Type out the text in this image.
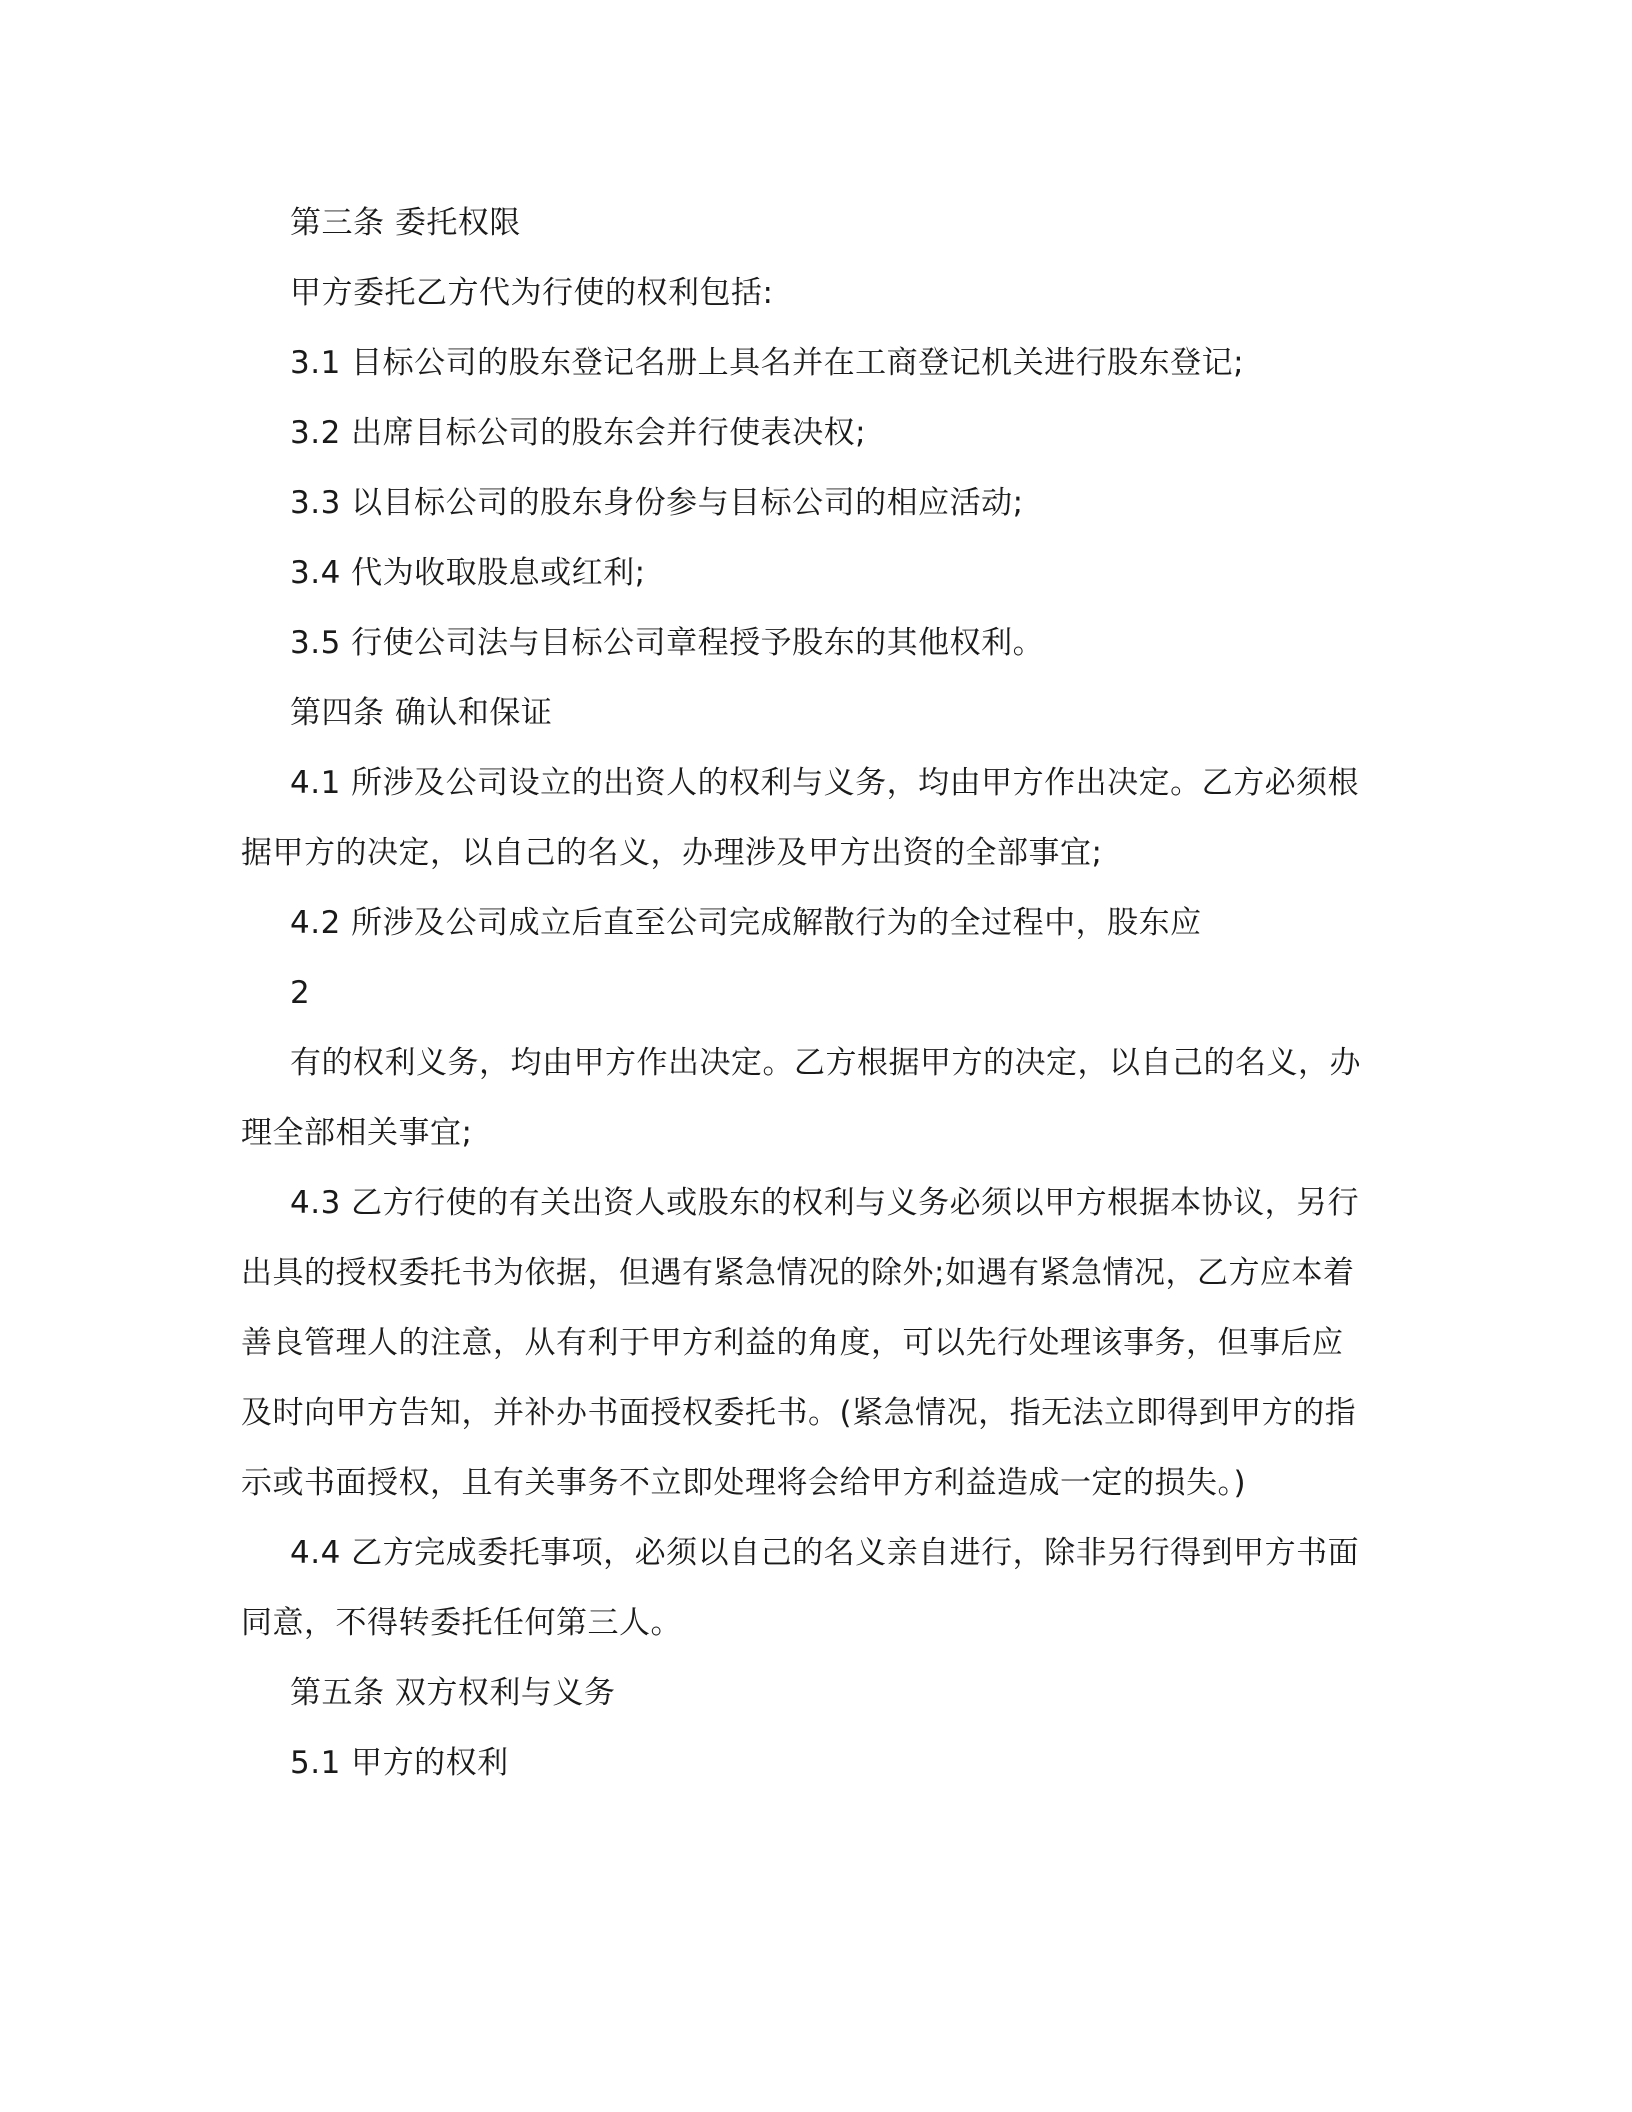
第三条 委托权限
甲方委托乙方代为行使的权利包括:
3.1 目标公司的股东登记名册上具名并在工商登记机关进行股东登记;
3.2 出席目标公司的股东会并行使表决权;
3.3 以目标公司的股东身份参与目标公司的相应活动;
3.4 代为收取股息或红利;
3.5 行使公司法与目标公司章程授予股东的其他权利。
第四条 确认和保证
4.1 所涉及公司设立的出资人的权利与义务，均由甲方作出决定。乙方必须根
据甲方的决定，以自己的名义，办理涉及甲方出资的全部事宜;
4.2 所涉及公司成立后直至公司完成解散行为的全过程中，股东应
2
有的权利义务，均由甲方作出决定。乙方根据甲方的决定，以自己的名义，办
理全部相关事宜;
4.3 乙方行使的有关出资人或股东的权利与义务必须以甲方根据本协议，另行
出具的授权委托书为依据，但遇有紧急情况的除外;如遇有紧急情况，乙方应本着
善良管理人的注意，从有利于甲方利益的角度，可以先行处理该事务，但事后应
及时向甲方告知，并补办书面授权委托书。(紧急情况，指无法立即得到甲方的指
示或书面授权，且有关事务不立即处理将会给甲方利益造成一定的损失。)
4.4 乙方完成委托事项，必须以自己的名义亲自进行，除非另行得到甲方书面
同意，不得转委托任何第三人。
第五条 双方权利与义务
5.1 甲方的权利
